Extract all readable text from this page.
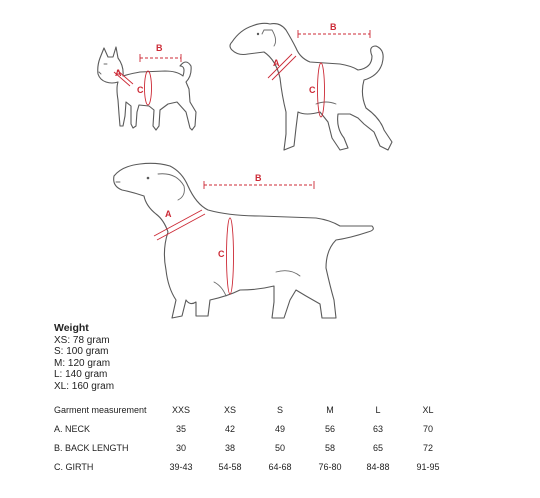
B
A
C
B
A
C
B
A
C
Weight
XS: 78 gram
S: 100 gram
M: 120 gram
L: 140 gram
XL: 160 gram
Garment measurement	XXS	XS	S	M	L	XL
A. NECK	35	42	49	56	63	70
B. BACK LENGTH	30	38	50	58	65	72
C. GIRTH	39-43	54-58	64-68	76-80	84-88	91-95
